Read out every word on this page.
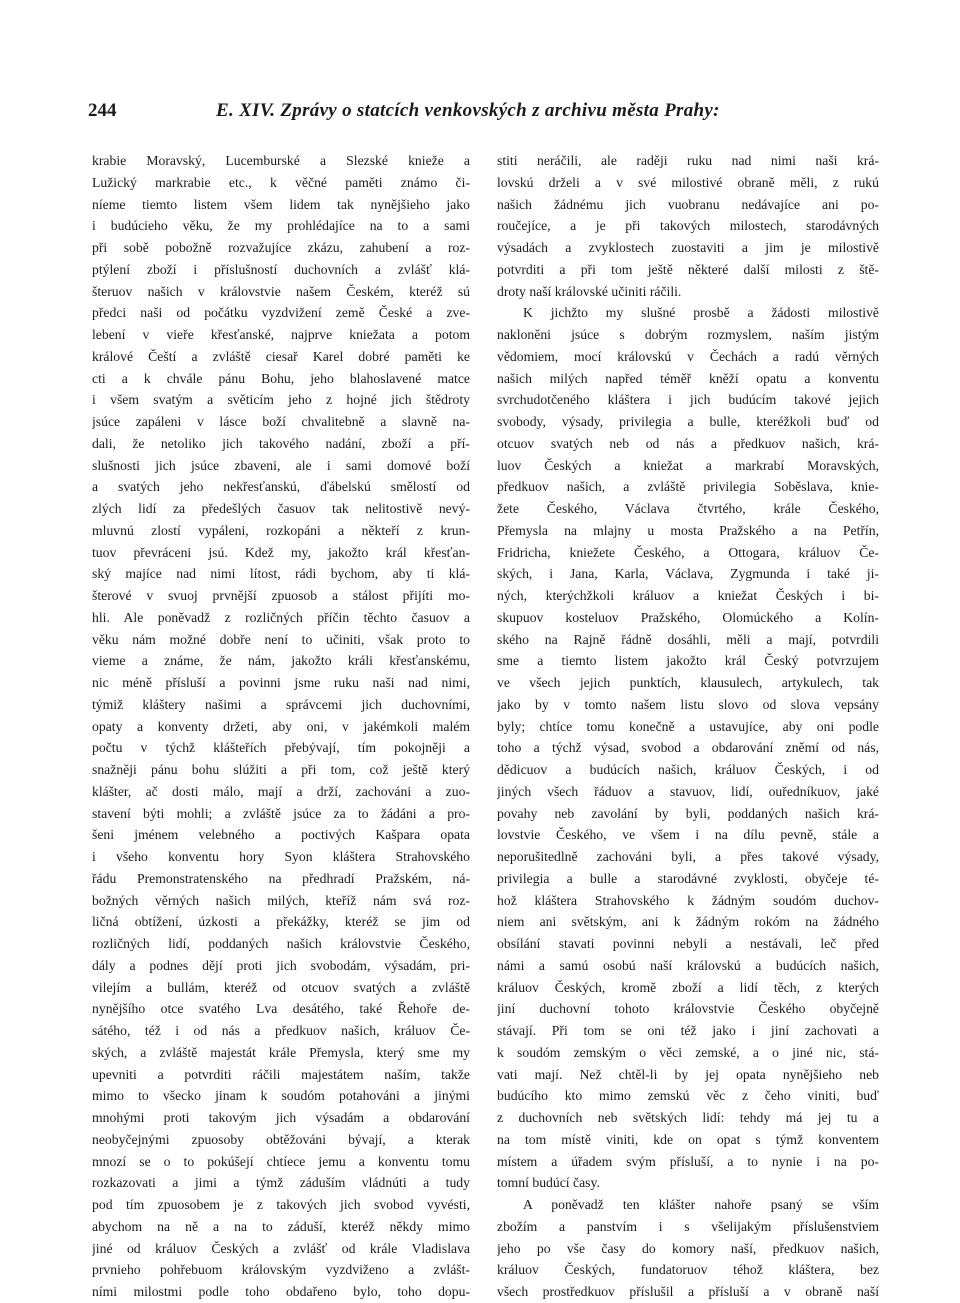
244	E. XIV. Zprávy o statcích venkovských z archivu města Prahy:
krabie Moravský, Lucemburské a Slezské knieže a
Lužický markrabie etc., k věčné paměti známo či-
níeme tiemto listem všem lidem tak nynějšieho jako
i budúcieho věku, že my prohlédajíce na to a sami
při sobě pobožně rozvažujíce zkázu, zahubení a roz-
ptýlení zboží i příslušností duchovních a zvlášť klá-
šteruov našich v královstvie našem Českém, kteréž sú
předci naši od počátku vyzdvižení země České a zve-
lebení v vieře křesťanské, najprve kniežata a potom
králové Čeští a zvláště ciesař Karel dobré paměti ke
cti a k chvále pánu Bohu, jeho blahoslavené matce
i všem svatým a světicím jeho z hojné jich štědroty
jsúce zapáleni v lásce boží chvalitebně a slavně na-
dali, že netoliko jich takového nadání, zboží a pří-
slušnosti jich jsúce zbaveni, ale i sami domové boží
a svatých jeho nekřesťanskú, ďábelskú smělostí od
zlých lidí za předešlých časuov tak nelitostivě nevý-
mluvnú zlostí vypáleni, rozkopáni a někteří z krun-
tuov převráceni jsú. Kdež my, jakožto král křesťan-
ský majíce nad nimi lítost, rádi bychom, aby ti klá-
šterové v svuoj prvnější zpuosob a stálost přijíti mo-
hli. Ale poněvadž z rozličných příčin těchto časuov a
věku nám možné dobře není to učiniti, však proto to
vieme a známe, že nám, jakožto králi křesťanskému,
nic méně přísluší a povinni jsme ruku naši nad nimi,
týmiž kláštery našimi a správcemi jich duchovními,
opaty a konventy držeti, aby oni, v jakémkoli malém
počtu v týchž klášteřích přebývají, tím pokojněji a
snažněji pánu bohu slúžiti a při tom, což ještě který
klášter, ač dosti málo, mají a drží, zachováni a zuo-
stavení býti mohli; a zvláště jsúce za to žádáni a pro-
šeni jménem velebného a poctivých Kašpara opata
i všeho konventu hory Syon kláštera Strahovského
řádu Premonstratenského na předhradí Pražském, ná-
božných věrných našich milých, kteříž nám svá roz-
ličná obtížení, úzkosti a překážky, kteréž se jim od
rozličných lidí, poddaných našich královstvie Českého,
dály a podnes dějí proti jich svobodám, výsadám, pri-
vilejím a bullám, kteréž od otcuov svatých a zvláště
nynějšího otce svatého Lva desátého, také Řehoře de-
sátého, též i od nás a předkuov našich, králuov Če-
ských, a zvláště majestát krále Přemysla, který sme my
upevniti a potvrditi ráčili majestátem naším, takže
mimo to všecko jinam k soudóm potahováni a jinými
mnohými proti takovým jich výsadám a obdarování
neobyčejnými zpuosoby obtěžováni bývají, a kterak
mnozí se o to pokúšejí chtíece jemu a konventu tomu
rozkazovati a jimi a týmž záduším vládnúti a tudy
pod tím zpuosobem je z takových jich svobod vyvésti,
abychom na ně a na to záduší, kteréž někdy mimo
jiné od králuov Českých a zvlášť od krále Vladislava
prvnieho pohřebuom královským vyzdviženo a zvlášt-
ními milostmi podle toho obdařeno bylo, toho dopu-
stiti neráčili, ale raději ruku nad nimi naši krá-
lovskú drželi a v své milostivé obraně měli, z rukú
našich žádnému jich vuobranu nedávajíce ani po-
roučejíce, a je při takových milostech, starodávných
výsadách a zvyklostech zuostaviti a jim je milostivě
potvrditi a při tom ještě některé další milosti z ště-
droty naší královské učiniti ráčili.
K jichžto my slušné prosbě a žádosti milostivě
nakloněni jsúce s dobrým rozmyslem, naším jistým
vědomiem, mocí královskú v Čechách a radú věrných
našich milých napřed téměř kněží opatu a konventu
svrchudotčeného kláštera i jich budúcím takové jejich
svobody, výsady, privilegia a bulle, kteréžkoli buď od
otcuov svatých neb od nás a předkuov našich, krá-
luov Českých a kniežat a markrabí Moravských,
předkuov našich, a zvláště privilegia Soběslava, knie-
žete Českého, Václava čtvrtého, krále Českého,
Přemysla na mlajny u mosta Pražského a na Petřín,
Fridricha, kniežete Českého, a Ottogara, králuov Če-
ských, i Jana, Karla, Václava, Zygmunda i také ji-
ných, kterýchžkoli králuov a kniežat Českých i bi-
skupuov kosteluov Pražského, Olomúckého a Kolín-
ského na Rajně řádně dosáhli, měli a mají, potvrdili
sme a tiemto listem jakožto král Český potvrzujem
ve všech jejich punktích, klausulech, artykulech, tak
jako by v tomto našem listu slovo od slova vepsány
byly; chtíce tomu konečně a ustavujíce, aby oni podle
toho a týchž výsad, svobod a obdarování zněmí od nás,
dědicuov a budúcích našich, králuov Českých, i od
jiných všech řáduov a stavuov, lidí, ouředníkuov, jaké
povahy neb zavolání by byli, poddaných našich krá-
lovstvie Českého, ve všem i na dílu pevně, stále a
neporušitedlně zachováni byli, a přes takové výsady,
privilegia a bulle a starodávné zvyklosti, obyčeje té-
hož kláštera Strahovského k žádným soudóm duchov-
niem ani světským, ani k žádným rokóm na žádného
obsílání stavati povinni nebyli a nestávali, leč před
námi a samú osobú naší královskú a budúcích našich,
králuov Českých, kromě zboží a lidí těch, z kterých
jiní duchovní tohoto královstvie Českého obyčejně
stávají. Při tom se oni též jako i jiní zachovati a
k soudóm zemským o věci zemské, a o jiné nic, stá-
vati mají. Než chtěl-li by jej opata nynějšieho neb
budúcího kto mimo zemskú věc z čeho viniti, buď
z duchovních neb světských lidí: tehdy má jej tu a
na tom místě viniti, kde on opat s týmž konventem
místem a úřadem svým přísluší, a to nynie i na po-
tomní budúcí časy.
A poněvadž ten klášter nahoře psaný se vším
zbožím a panstvím i s všelijakým příslušenstviem
jeho po vše časy do komory naší, předkuov našich,
králuov Českých, fundatoruov téhož kláštera, bez
všech prostředkuov příslušil a přísluší a v obraně naší
